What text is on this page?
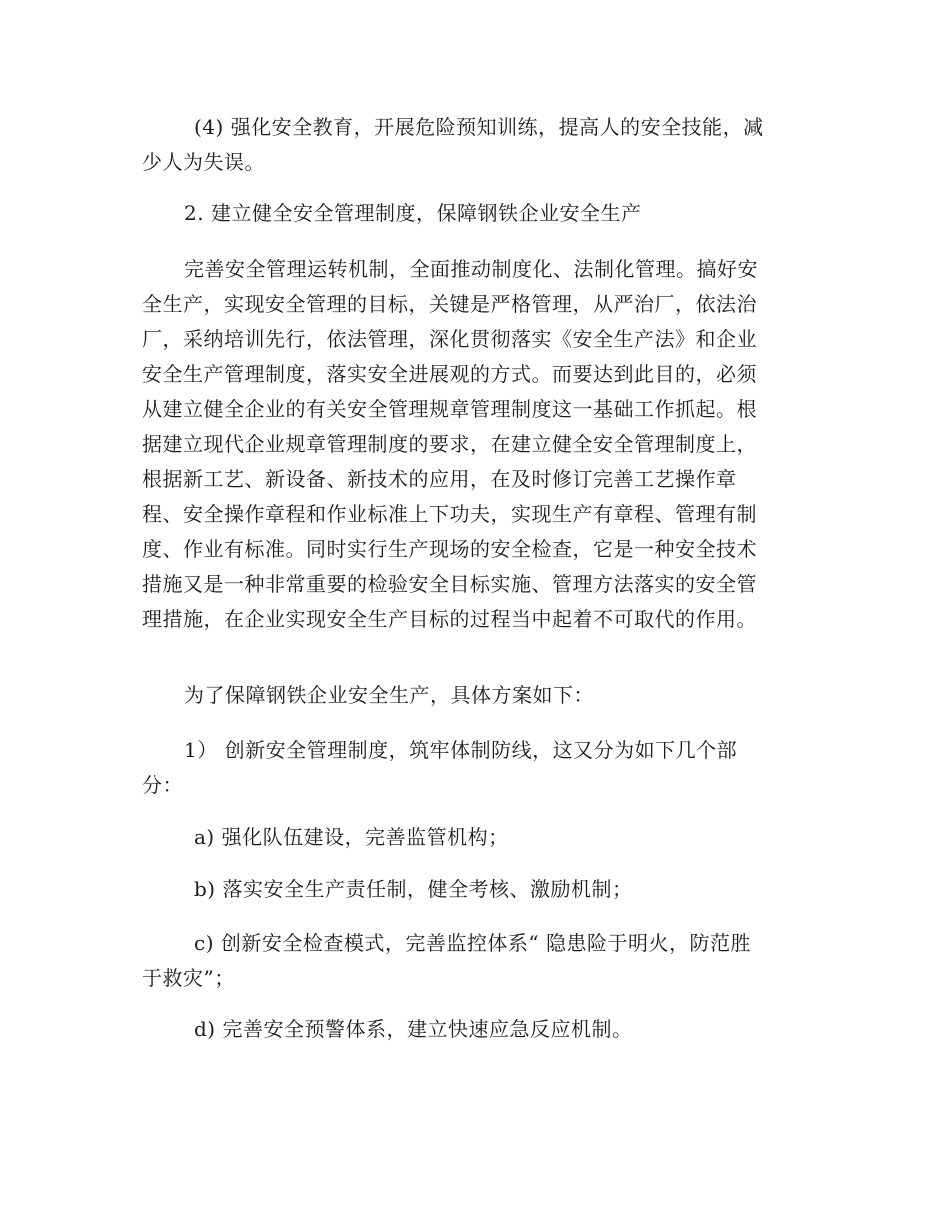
(4) 强化安全教育，开展危险预知训练，提高人的安全技能，减
少人为失误。
2. 建立健全安全管理制度，保障钢铁企业安全生产
完善安全管理运转机制，全面推动制度化、法制化管理。搞好安
全生产，实现安全管理的目标，关键是严格管理，从严治厂，依法治
厂，采纳培训先行，依法管理，深化贯彻落实《安全生产法》和企业
安全生产管理制度，落实安全进展观的方式。而要达到此目的，必须
从建立健全企业的有关安全管理规章管理制度这一基础工作抓起。根
据建立现代企业规章管理制度的要求，在建立健全安全管理制度上，
根据新工艺、新设备、新技术的应用，在及时修订完善工艺操作章
程、安全操作章程和作业标准上下功夫，实现生产有章程、管理有制
度、作业有标准。同时实行生产现场的安全检查，它是一种安全技术
措施又是一种非常重要的检验安全目标实施、管理方法落实的安全管
理措施，在企业实现安全生产目标的过程当中起着不可取代的作用。
为了保障钢铁企业安全生产，具体方案如下：
1） 创新安全管理制度，筑牢体制防线，这又分为如下几个部
分：
a) 强化队伍建设，完善监管机构；
b) 落实安全生产责任制，健全考核、激励机制；
c) 创新安全检查模式，完善监控体系“ 隐患险于明火，防范胜
于救灾”；
d) 完善安全预警体系，建立快速应急反应机制。
